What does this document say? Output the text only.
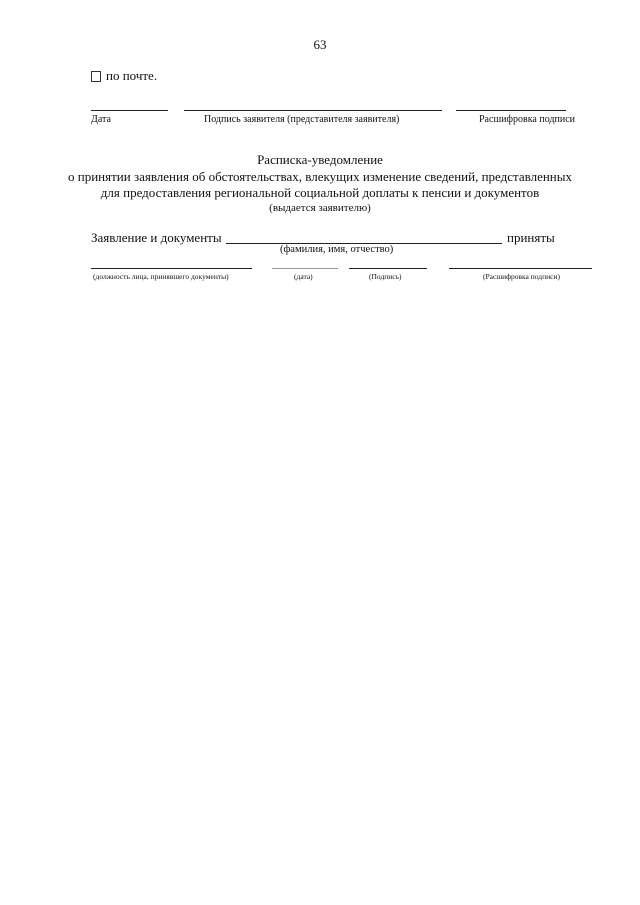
63
по почте.
Дата	Подпись заявителя (представителя заявителя)	Расшифровка подписи
Расписка-уведомление
о принятии заявления об обстоятельствах, влекущих изменение сведений, представленных
для предоставления региональной социальной доплаты к пенсии и документов
(выдается заявителю)
Заявление и документы	приняты
(фамилия, имя, отчество)
(должность лица, принявшего документы)	(дата)	(Подпись)	(Расшифровка подписи)
